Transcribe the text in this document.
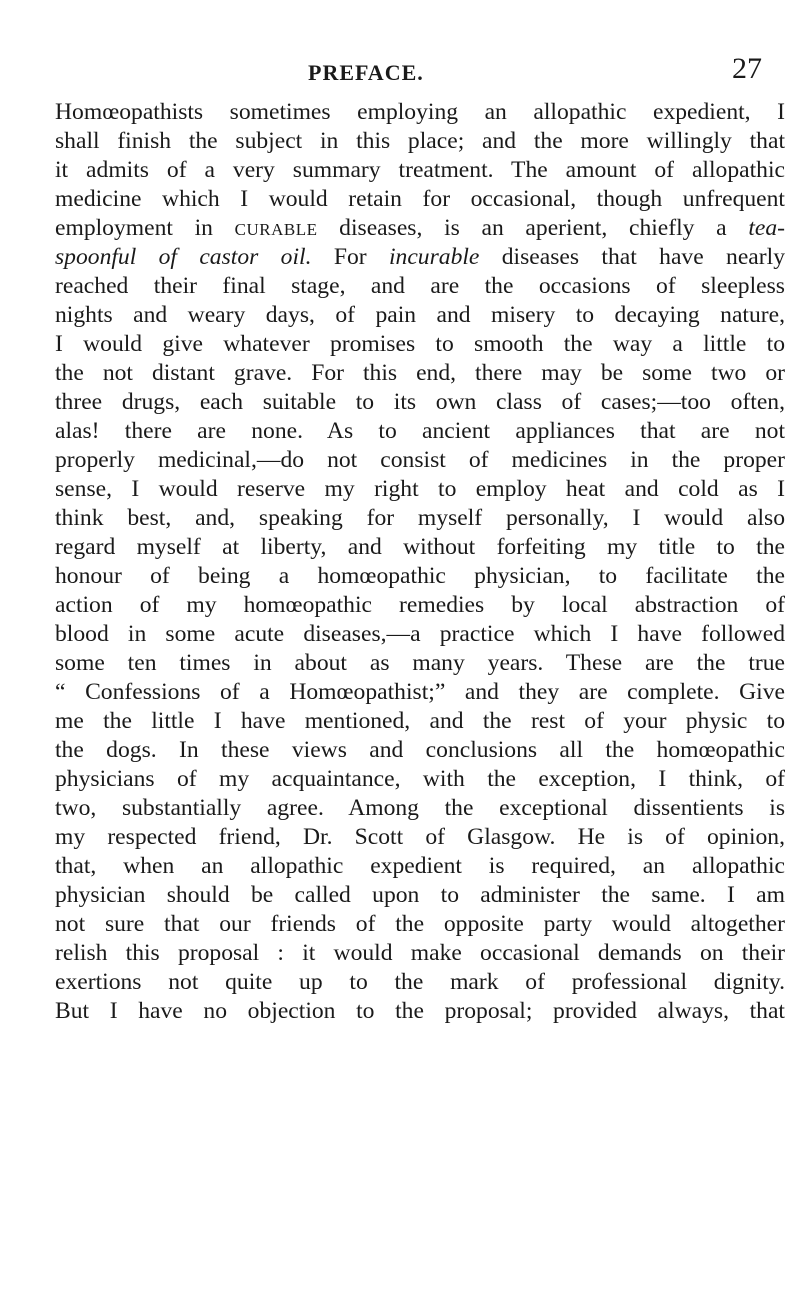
PREFACE.	27
Homœopathists sometimes employing an allopathic expedient, I
shall finish the subject in this place; and the more willingly that
it admits of a very summary treatment. The amount of allopathic
medicine which I would retain for occasional, though unfrequent
employment in curable diseases, is an aperient, chiefly a tea-
spoonful of castor oil. For incurable diseases that have nearly
reached their final stage, and are the occasions of sleepless
nights and weary days, of pain and misery to decaying nature,
I would give whatever promises to smooth the way a little to
the not distant grave. For this end, there may be some two or
three drugs, each suitable to its own class of cases;—too often,
alas! there are none. As to ancient appliances that are not
properly medicinal,—do not consist of medicines in the proper
sense, I would reserve my right to employ heat and cold as I
think best, and, speaking for myself personally, I would also
regard myself at liberty, and without forfeiting my title to the
honour of being a homœopathic physician, to facilitate the
action of my homœopathic remedies by local abstraction of
blood in some acute diseases,—a practice which I have followed
some ten times in about as many years. These are the true
“ Confessions of a Homœopathist;” and they are complete. Give
me the little I have mentioned, and the rest of your physic to
the dogs. In these views and conclusions all the homœopathic
physicians of my acquaintance, with the exception, I think, of
two, substantially agree. Among the exceptional dissentients is
my respected friend, Dr. Scott of Glasgow. He is of opinion,
that, when an allopathic expedient is required, an allopathic
physician should be called upon to administer the same. I am
not sure that our friends of the opposite party would altogether
relish this proposal : it would make occasional demands on their
exertions not quite up to the mark of professional dignity.
But I have no objection to the proposal; provided always, that
